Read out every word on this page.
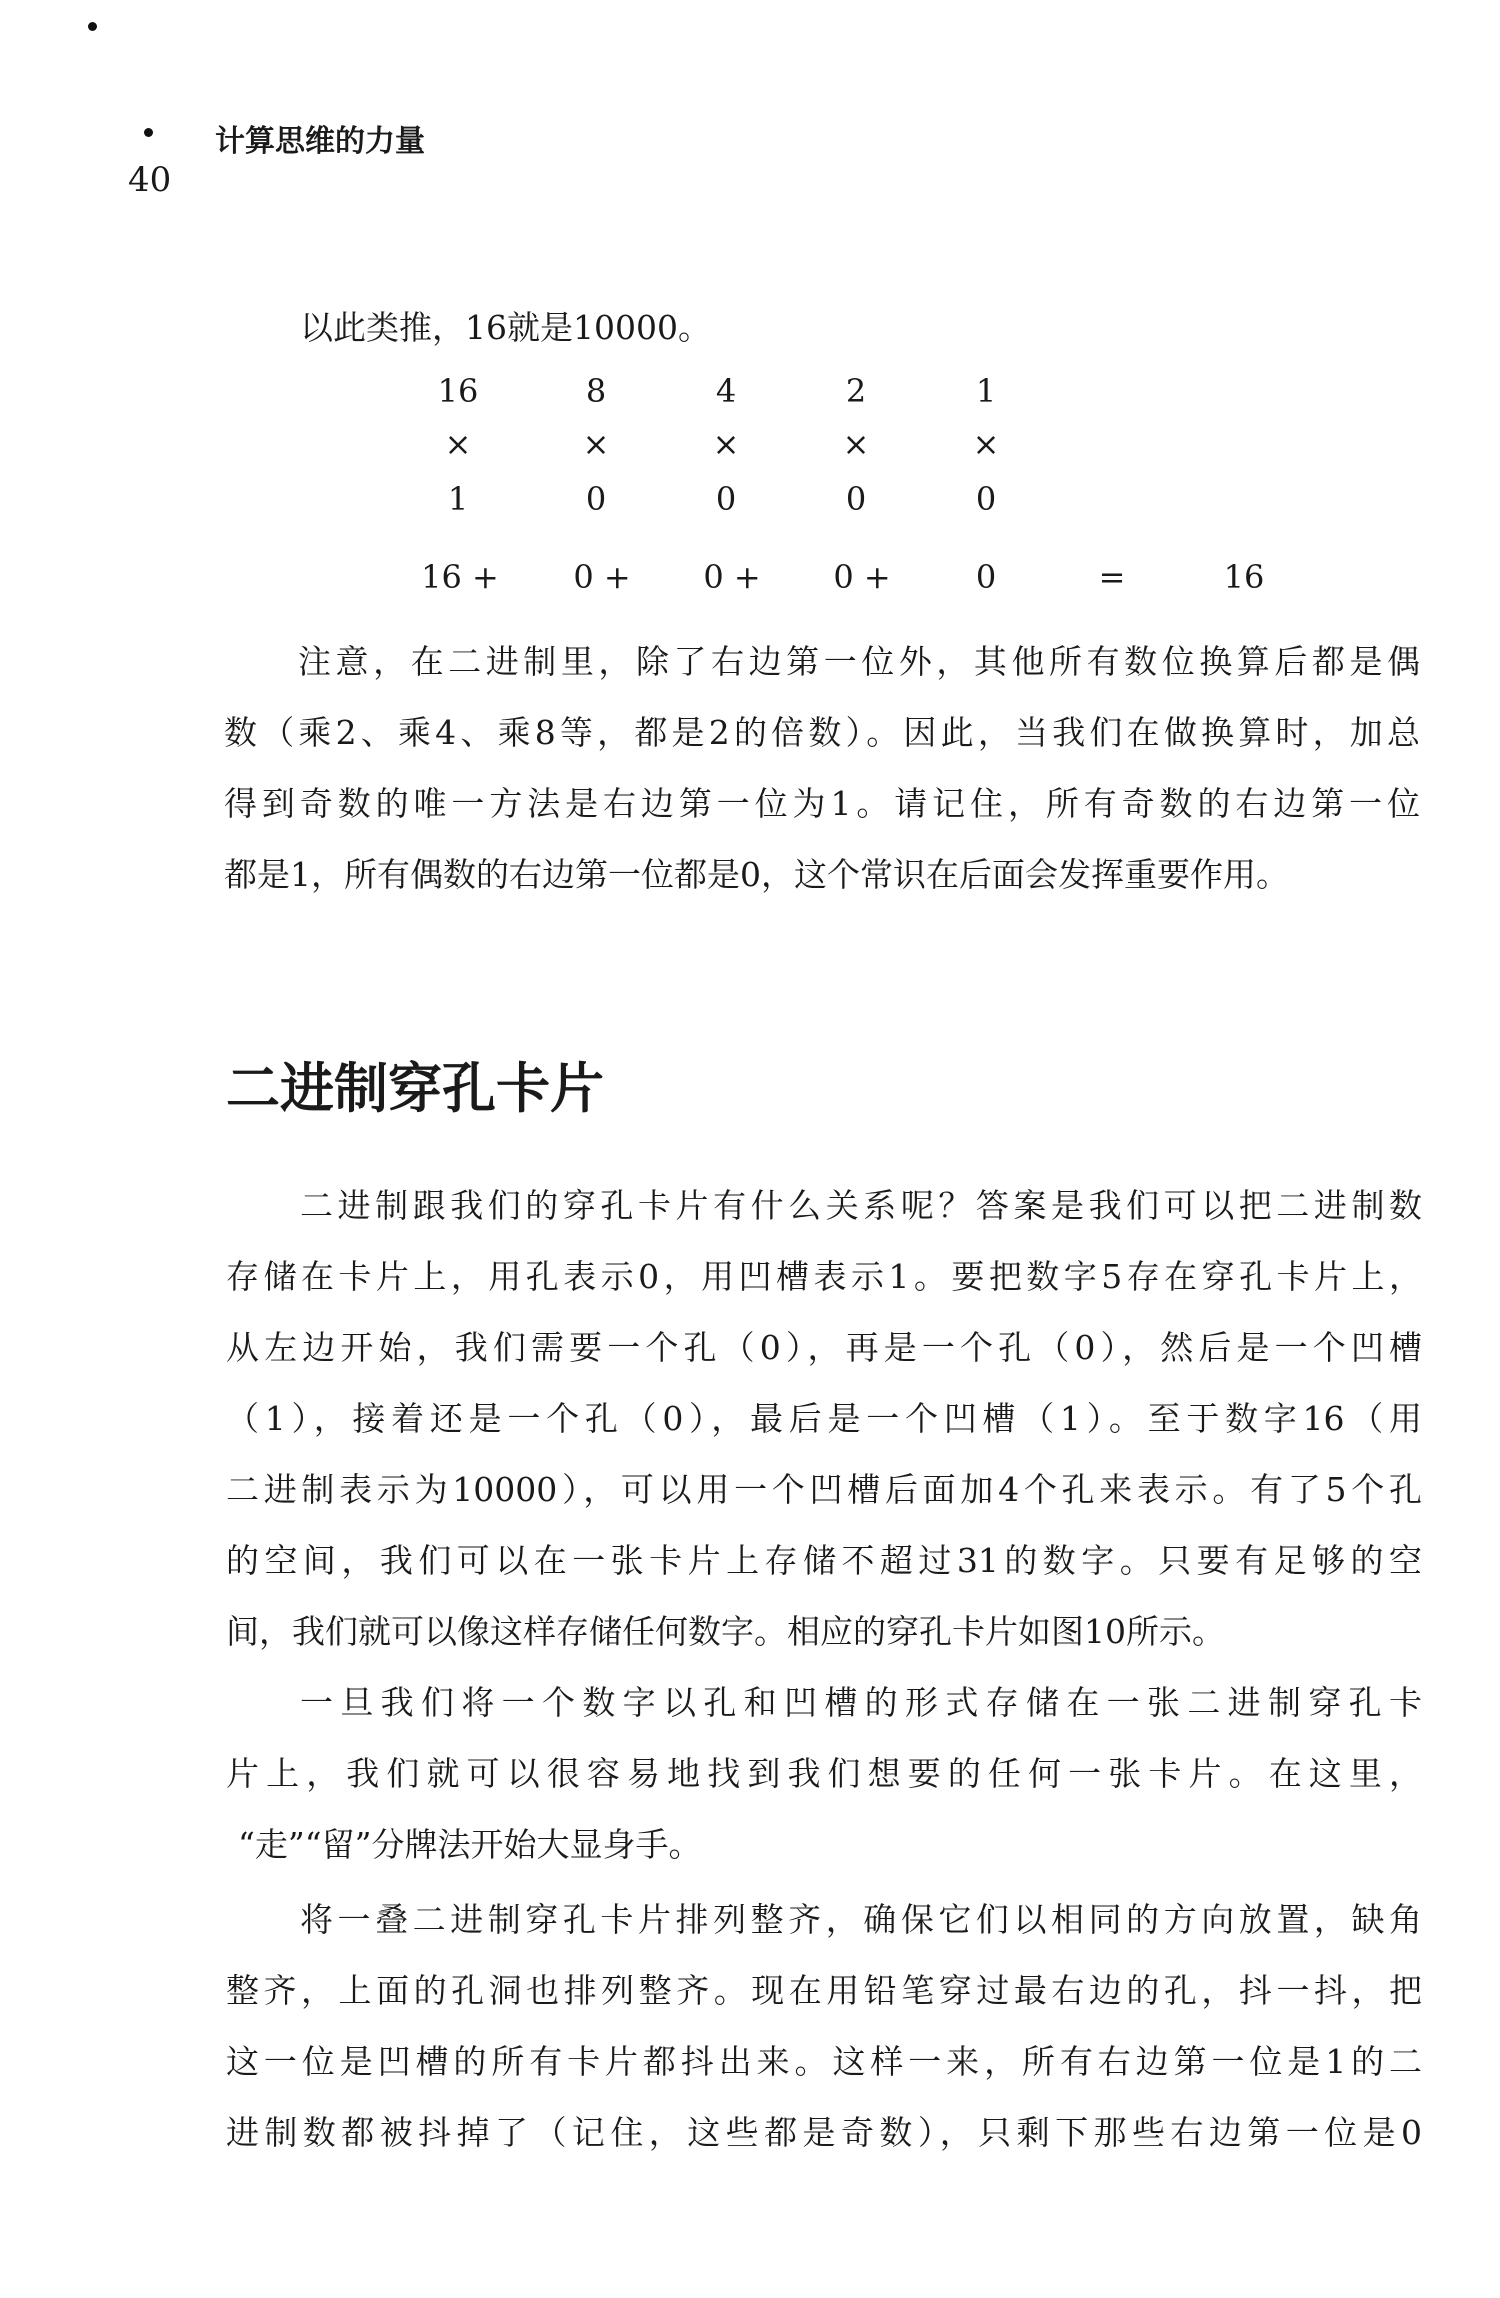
计算思维的力量
40
以此类推，16就是10000。
16	8	4	2	1
×	×	×	×	×
1	0	0	0	0
16 +	0 +	0 +	0 +	0	=	16
注意，在二进制里，除了右边第一位外，其他所有数位换算后都是偶
数（乘2、乘4、乘8等，都是2的倍数）。因此，当我们在做换算时，加总
得到奇数的唯一方法是右边第一位为1。请记住，所有奇数的右边第一位
都是1，所有偶数的右边第一位都是0，这个常识在后面会发挥重要作用。
二进制穿孔卡片
二进制跟我们的穿孔卡片有什么关系呢？答案是我们可以把二进制数
存储在卡片上，用孔表示0，用凹槽表示1。要把数字5存在穿孔卡片上，
从左边开始，我们需要一个孔（0），再是一个孔（0），然后是一个凹槽
（1），接着还是一个孔（0），最后是一个凹槽（1）。至于数字16（用
二进制表示为10000），可以用一个凹槽后面加4个孔来表示。有了5个孔
的空间，我们可以在一张卡片上存储不超过31的数字。只要有足够的空
间，我们就可以像这样存储任何数字。相应的穿孔卡片如图10所示。
一旦我们将一个数字以孔和凹槽的形式存储在一张二进制穿孔卡
片上，我们就可以很容易地找到我们想要的任何一张卡片。在这里，
“走”“留”分牌法开始大显身手。
将一叠二进制穿孔卡片排列整齐，确保它们以相同的方向放置，缺角
整齐，上面的孔洞也排列整齐。现在用铅笔穿过最右边的孔，抖一抖，把
这一位是凹槽的所有卡片都抖出来。这样一来，所有右边第一位是1的二
进制数都被抖掉了（记住，这些都是奇数），只剩下那些右边第一位是0
